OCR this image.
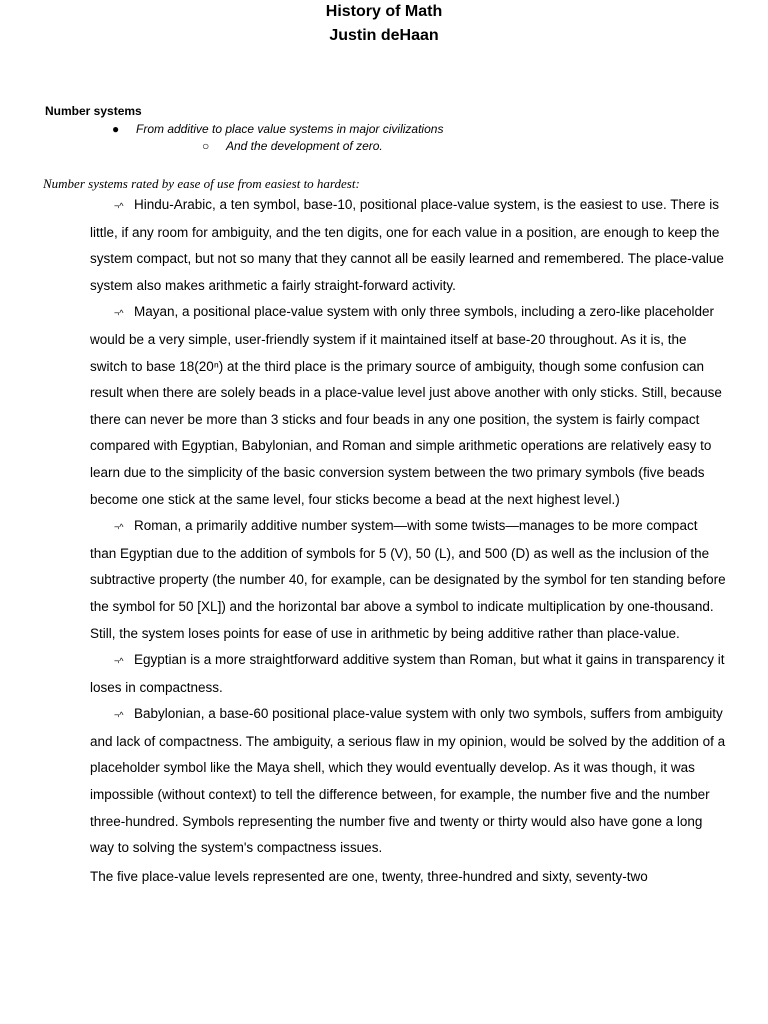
History of Math

Justin deHaan

Number systems

● From additive to place value systems in major civilizations
○ And the development of zero.

Number systems rated by ease of use from easiest to hardest:

¬^ Hindu-Arabic, a ten symbol, base-10, positional place-value system, is the easiest to use. There is little, if any room for ambiguity, and the ten digits, one for each value in a position, are enough to keep the system compact, but not so many that they cannot all be easily learned and remembered. The place-value system also makes arithmetic a fairly straight-forward activity.

¬^ Mayan, a positional place-value system with only three symbols, including a zero-like placeholder would be a very simple, user-friendly system if it maintained itself at base-20 throughout. As it is, the switch to base 18(20ⁿ) at the third place is the primary source of ambiguity, though some confusion can result when there are solely beads in a place-value level just above another with only sticks. Still, because there can never be more than 3 sticks and four beads in any one position, the system is fairly compact compared with Egyptian, Babylonian, and Roman and simple arithmetic operations are relatively easy to learn due to the simplicity of the basic conversion system between the two primary symbols (five beads become one stick at the same level, four sticks become a bead at the next highest level.)

¬^ Roman, a primarily additive number system—with some twists—manages to be more compact than Egyptian due to the addition of symbols for 5 (V), 50 (L), and 500 (D) as well as the inclusion of the subtractive property (the number 40, for example, can be designated by the symbol for ten standing before the symbol for 50 [XL]) and the horizontal bar above a symbol to indicate multiplication by one-thousand. Still, the system loses points for ease of use in arithmetic by being additive rather than place-value.

¬^ Egyptian is a more straightforward additive system than Roman, but what it gains in transparency it loses in compactness.

¬^ Babylonian, a base-60 positional place-value system with only two symbols, suffers from ambiguity and lack of compactness. The ambiguity, a serious flaw in my opinion, would be solved by the addition of a placeholder symbol like the Maya shell, which they would eventually develop. As it was though, it was impossible (without context) to tell the difference between, for example, the number five and the number three-hundred. Symbols representing the number five and twenty or thirty would also have gone a long way to solving the system's compactness issues.

The five place-value levels represented are one, twenty, three-hundred and sixty, seventy-two
